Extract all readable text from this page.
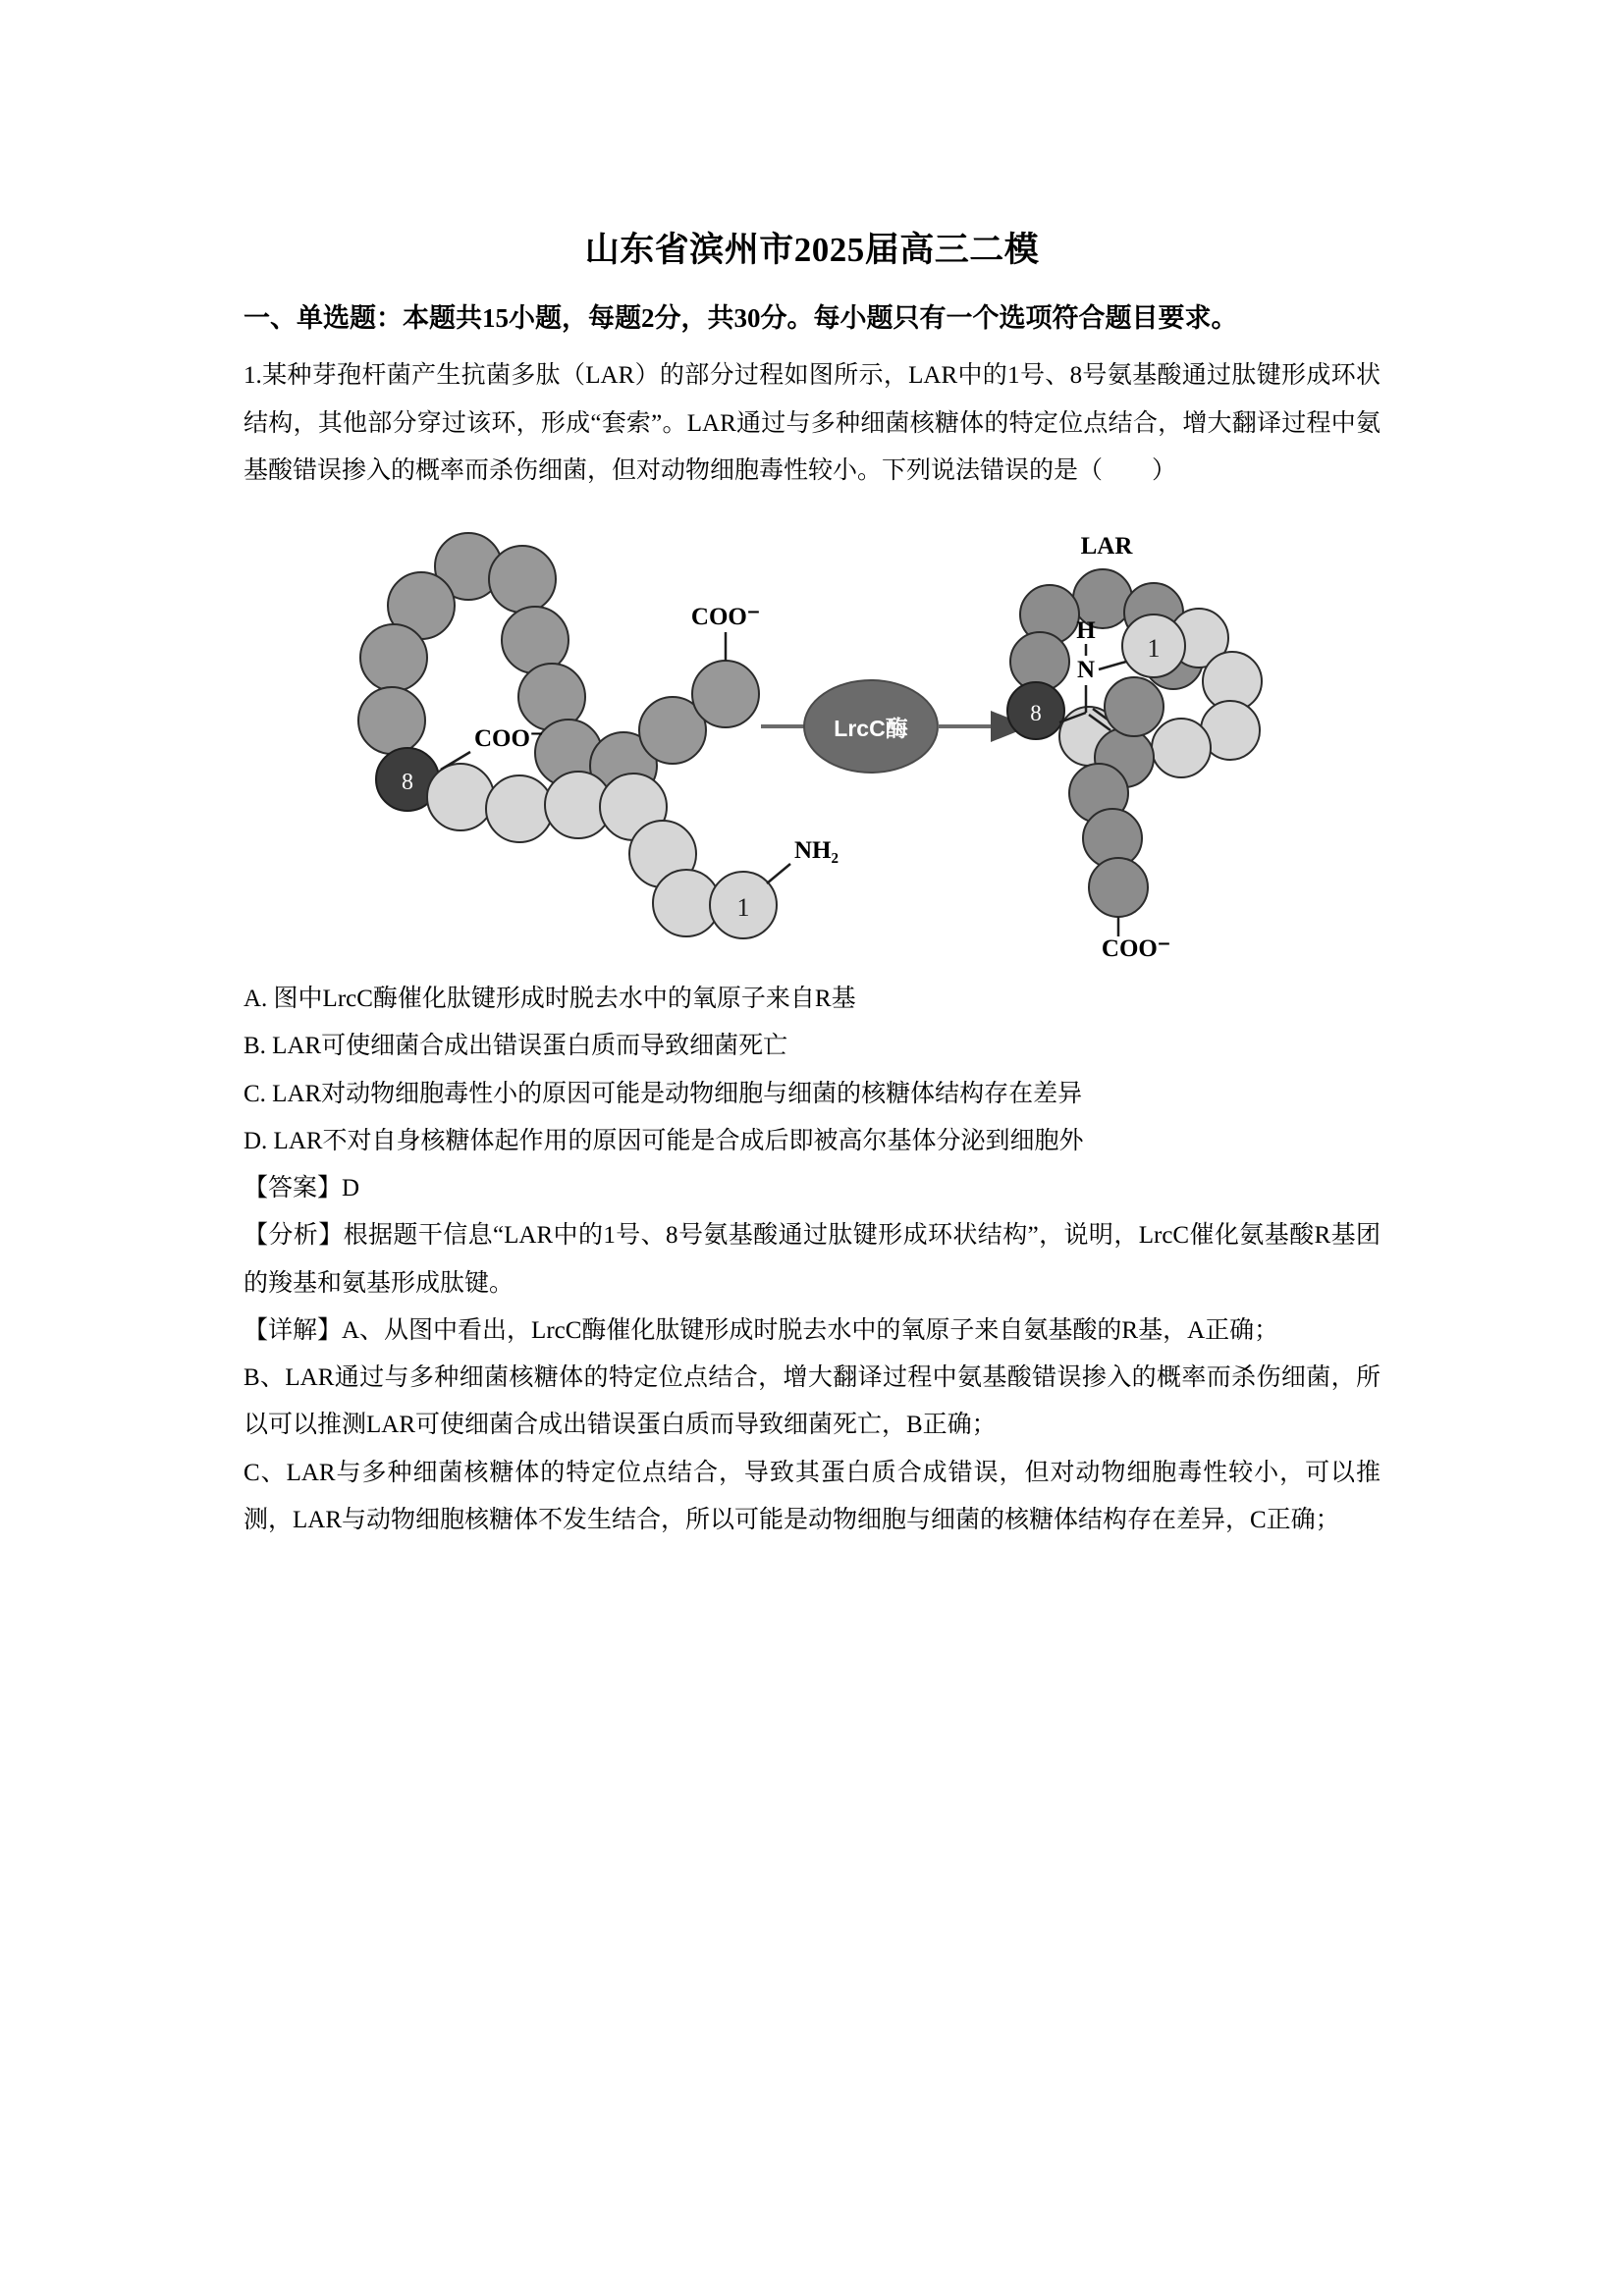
山东省滨州市2025届高三二模

一、单选题：本题共15小题，每题2分，共30分。每小题只有一个选项符合题目要求。

1.某种芽孢杆菌产生抗菌多肽（LAR）的部分过程如图所示，LAR中的1号、8号氨基酸通过肽键形成环状结构，其他部分穿过该环，形成“套索”。LAR通过与多种细菌核糖体的特定位点结合，增大翻译过程中氨基酸错误掺入的概率而杀伤细菌，但对动物细胞毒性较小。下列说法错误的是（　　）

8
1
NH₂
COO⁻
COO⁻
LrcC酶
LAR
8
1
H
N
COO⁻

A. 图中LrcC酶催化肽键形成时脱去水中的氧原子来自R基

B. LAR可使细菌合成出错误蛋白质而导致细菌死亡

C. LAR对动物细胞毒性小的原因可能是动物细胞与细菌的核糖体结构存在差异

D. LAR不对自身核糖体起作用的原因可能是合成后即被高尔基体分泌到细胞外

【答案】D

【分析】根据题干信息“LAR中的1号、8号氨基酸通过肽键形成环状结构”，说明，LrcC催化氨基酸R基团的羧基和氨基形成肽键。

【详解】A、从图中看出，LrcC酶催化肽键形成时脱去水中的氧原子来自氨基酸的R基，A正确；

B、LAR通过与多种细菌核糖体的特定位点结合，增大翻译过程中氨基酸错误掺入的概率而杀伤细菌，所以可以推测LAR可使细菌合成出错误蛋白质而导致细菌死亡，B正确；

C、LAR与多种细菌核糖体的特定位点结合，导致其蛋白质合成错误，但对动物细胞毒性较小，可以推测，LAR与动物细胞核糖体不发生结合，所以可能是动物细胞与细菌的核糖体结构存在差异，C正确；
